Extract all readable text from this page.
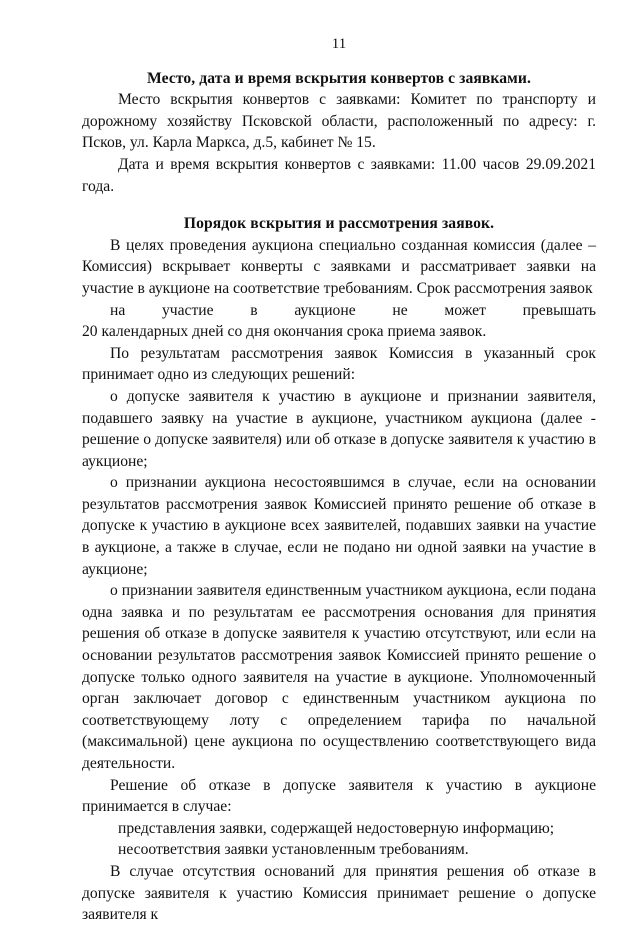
11

Место, дата и время вскрытия конвертов с заявками.

Место вскрытия конвертов с заявками: Комитет по транспорту и дорожному хозяйству Псковской области, расположенный по адресу: г. Псков, ул. Карла Маркса, д.5, кабинет № 15.

Дата и время вскрытия конвертов с заявками: 11.00 часов 29.09.2021 года.

Порядок вскрытия и рассмотрения заявок.

В целях проведения аукциона специально созданная комиссия (далее – Комиссия) вскрывает конверты с заявками и рассматривает заявки на участие в аукционе на соответствие требованиям. Срок рассмотрения заявок
на участие в аукционе не может превышать
20 календарных дней со дня окончания срока приема заявок.

По результатам рассмотрения заявок Комиссия в указанный срок принимает одно из следующих решений:

о допуске заявителя к участию в аукционе и признании заявителя, подавшего заявку на участие в аукционе, участником аукциона (далее - решение о допуске заявителя) или об отказе в допуске заявителя к участию в аукционе;

о признании аукциона несостоявшимся в случае, если на основании результатов рассмотрения заявок Комиссией принято решение об отказе в допуске к участию в аукционе всех заявителей, подавших заявки на участие в аукционе, а также в случае, если не подано ни одной заявки на участие в аукционе;

о признании заявителя единственным участником аукциона, если подана одна заявка и по результатам ее рассмотрения основания для принятия решения об отказе в допуске заявителя к участию отсутствуют, или если на основании результатов рассмотрения заявок Комиссией принято решение о допуске только одного заявителя на участие в аукционе. Уполномоченный орган заключает договор с единственным участником аукциона по соответствующему лоту с определением тарифа по начальной (максимальной) цене аукциона по осуществлению соответствующего вида деятельности.

Решение об отказе в допуске заявителя к участию в аукционе принимается в случае:

представления заявки, содержащей недостоверную информацию;

несоответствия заявки установленным требованиям.

В случае отсутствия оснований для принятия решения об отказе в допуске заявителя к участию Комиссия принимает решение о допуске заявителя к
